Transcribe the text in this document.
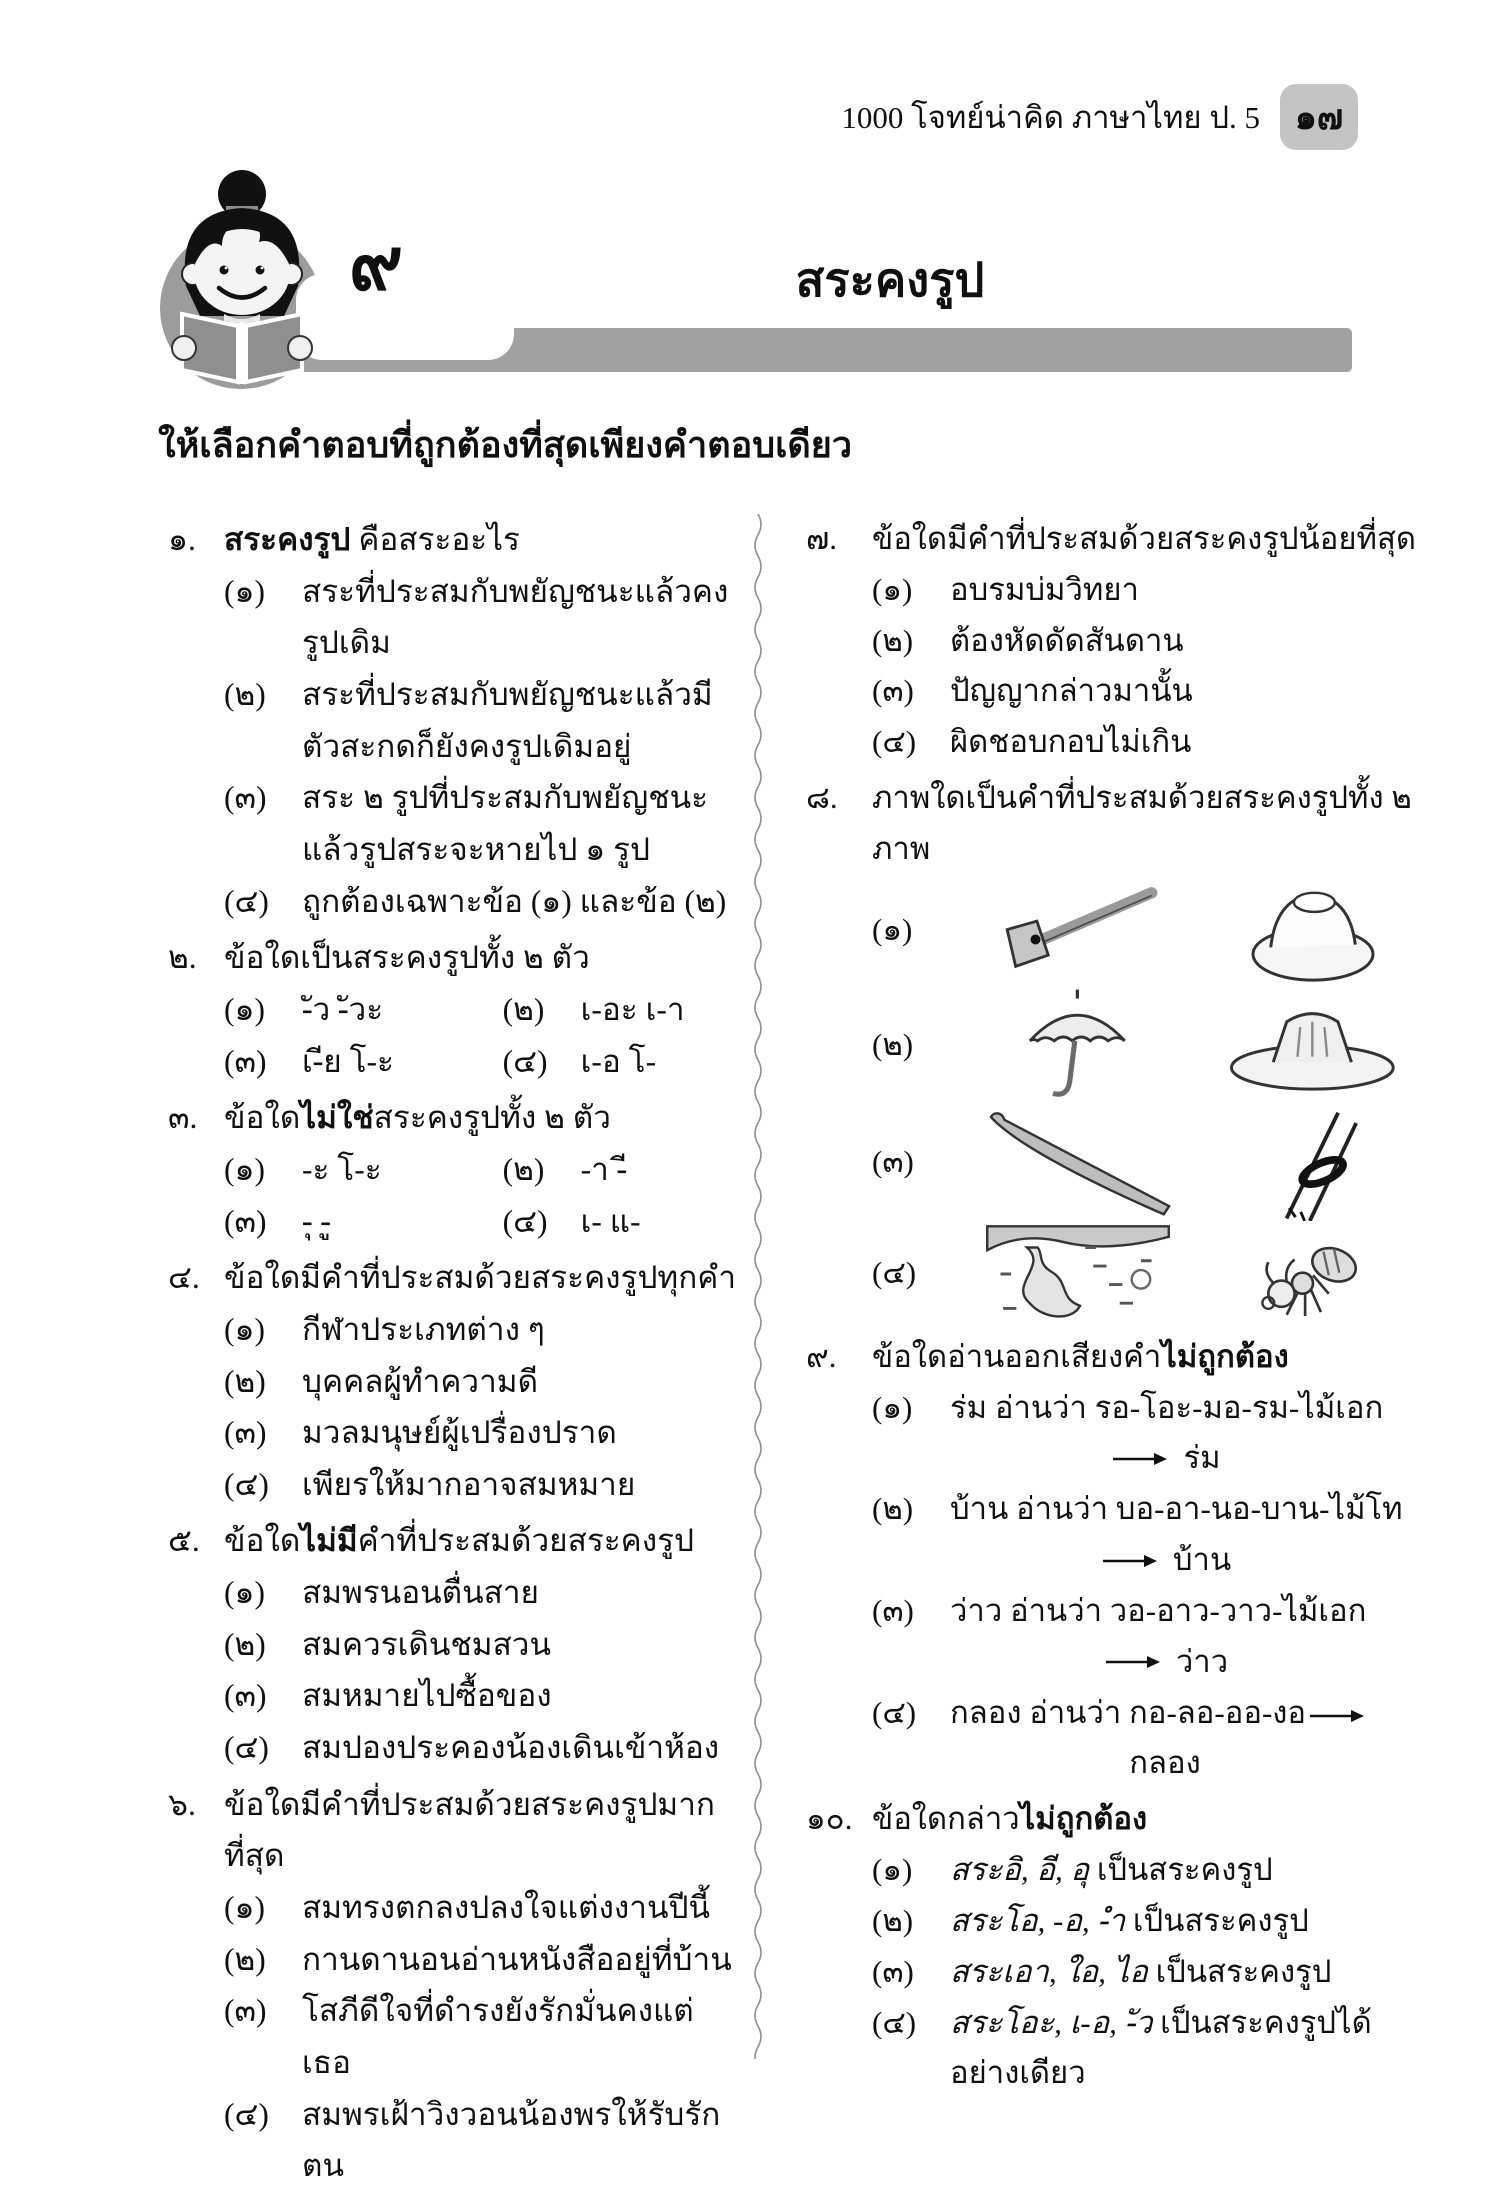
1000 โจทย์น่าคิด ภาษาไทย ป. 5 ๑๗
๙	สระคงรูป
ให้เลือกคำตอบที่ถูกต้องที่สุดเพียงคำตอบเดียว
๑. สระคงรูป คือสระอะไร
(๑)	สระที่ประสมกับพยัญชนะแล้วคงรูปเดิม
(๒)	สระที่ประสมกับพยัญชนะแล้วมีตัวสะกดก็ยังคงรูปเดิมอยู่
(๓)	สระ ๒ รูปที่ประสมกับพยัญชนะแล้วรูปสระจะหายไป ๑ รูป
(๔)	ถูกต้องเฉพาะข้อ (๑) และข้อ (๒)
๒. ข้อใดเป็นสระคงรูปทั้ง ๒ ตัว
(๑)	-ัว -ัวะ	(๒)	เ-อะ เ-า
(๓)	เ-ีย โ-ะ	(๔)	เ-อ โ-
๓. ข้อใดไม่ใช่สระคงรูปทั้ง ๒ ตัว
(๑)	-ะ โ-ะ	(๒)	-า -ี
(๓)	-ุ -ู	(๔)	เ- แ-
๔. ข้อใดมีคำที่ประสมด้วยสระคงรูปทุกคำ
(๑)	กีฬาประเภทต่าง ๆ
(๒)	บุคคลผู้ทำความดี
(๓)	มวลมนุษย์ผู้เปรื่องปราด
(๔)	เพียรให้มากอาจสมหมาย
๕. ข้อใดไม่มีคำที่ประสมด้วยสระคงรูป
(๑)	สมพรนอนตื่นสาย
(๒)	สมควรเดินชมสวน
(๓)	สมหมายไปซื้อของ
(๔)	สมปองประคองน้องเดินเข้าห้อง
๖. ข้อใดมีคำที่ประสมด้วยสระคงรูปมากที่สุด
(๑)	สมทรงตกลงปลงใจแต่งงานปีนี้
(๒)	กานดานอนอ่านหนังสืออยู่ที่บ้าน
(๓)	โสภีดีใจที่ดำรงยังรักมั่นคงแต่เธอ
(๔)	สมพรเฝ้าวิงวอนน้องพรให้รับรักตน
๗.	ข้อใดมีคำที่ประสมด้วยสระคงรูปน้อยที่สุด
(๑)	อบรมบ่มวิทยา
(๒)	ต้องหัดดัดสันดาน
(๓)	ปัญญากล่าวมานั้น
(๔)	ผิดชอบกอบไม่เกิน
๘.	ภาพใดเป็นคำที่ประสมด้วยสระคงรูปทั้ง ๒ ภาพ
(๑)
(๒)
(๓)
(๔)
๙.	ข้อใดอ่านออกเสียงคำไม่ถูกต้อง
(๑)	ร่ม อ่านว่า รอ-โอะ-มอ-รม-ไม้เอก
ร่ม
(๒)	บ้าน อ่านว่า บอ-อา-นอ-บาน-ไม้โท
บ้าน
(๓)	ว่าว อ่านว่า วอ-อาว-วาว-ไม้เอก
ว่าว
(๔)	กลอง อ่านว่า กอ-ลอ-ออ-งอ
กลอง
๑๐. ข้อใดกล่าวไม่ถูกต้อง
(๑)	สระอิ, อี, อุ เป็นสระคงรูป
(๒)	สระโอ, -อ, -ำ เป็นสระคงรูป
(๓)	สระเอา, ใอ, ไอ เป็นสระคงรูป
(๔)	สระโอะ, เ-อ, -ัว เป็นสระคงรูปได้อย่างเดียว
